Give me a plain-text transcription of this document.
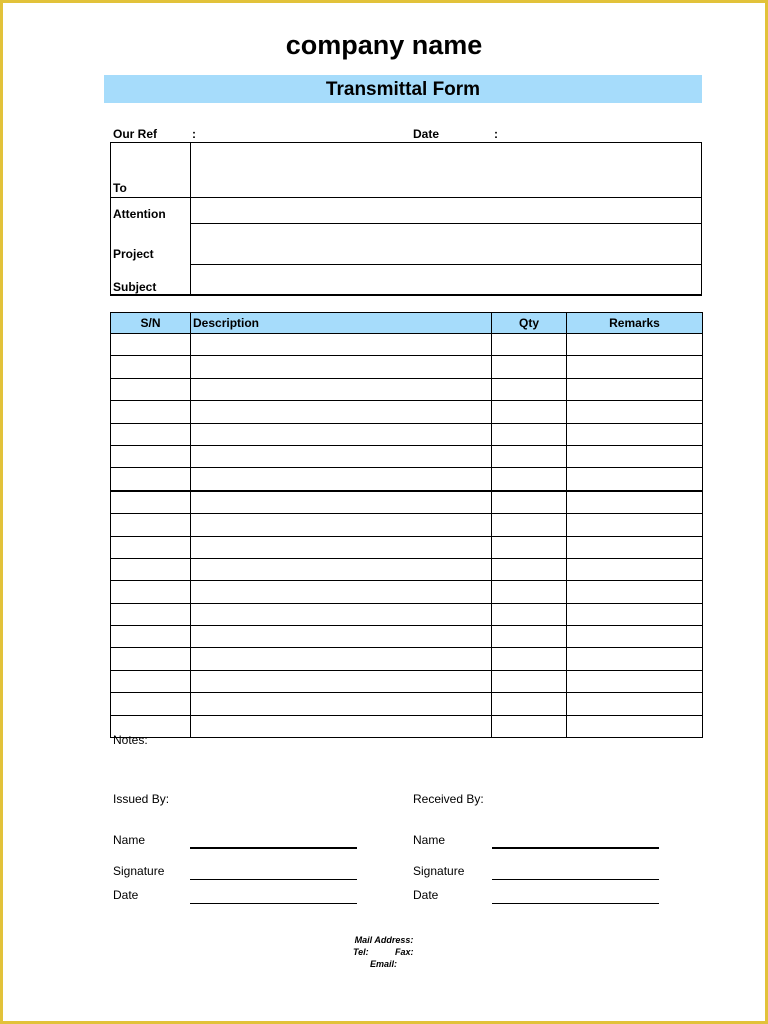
company name
Transmittal Form
Our Ref	:	Date	:
To
Attention
Project
Subject
S/N	Description	Qty	Remarks

Notes:
Issued By:
Name
Signature
Date
Received By:
Name
Signature
Date
Mail Address:
Tel:	Fax:
Email:
